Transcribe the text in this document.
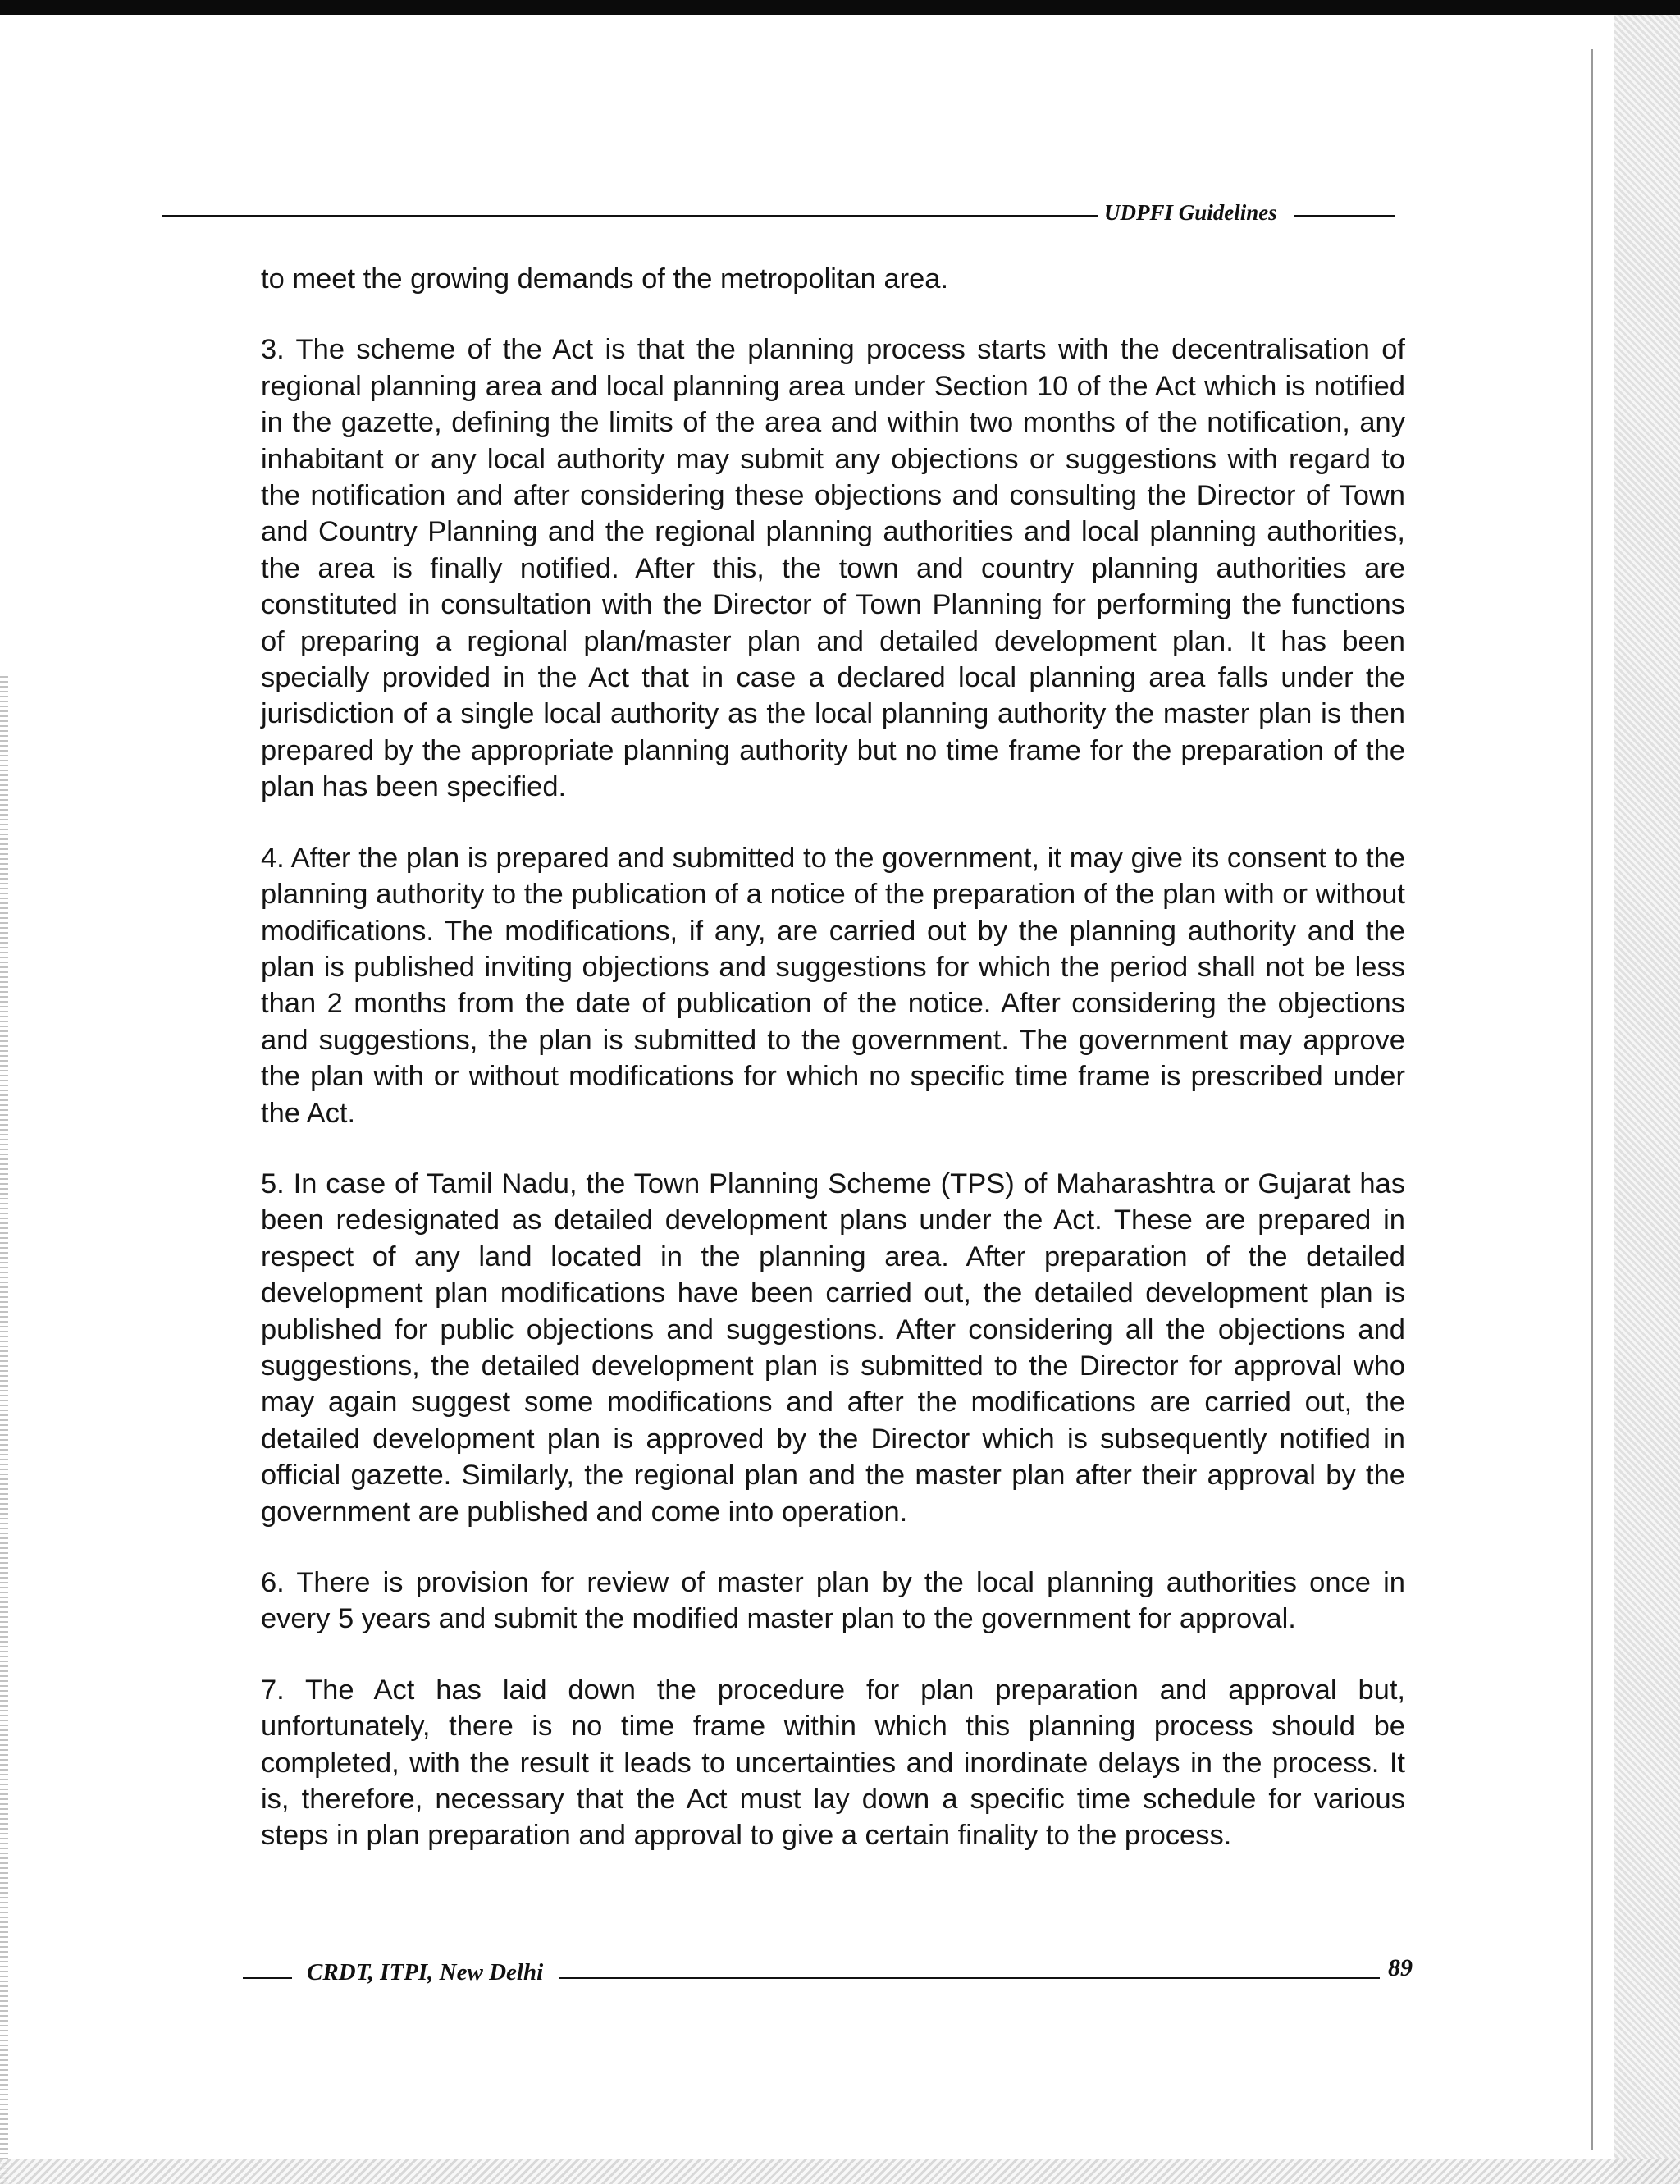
UDPFI Guidelines

to meet the growing demands of the metropolitan area.

3. The scheme of the Act is that the planning process starts with the decentralisation of regional planning area and local planning area under Section 10 of the Act which is notified in the gazette, defining the limits of the area and within two months of the notification, any inhabitant or any local authority may submit any objections or suggestions with regard to the notification and after considering these objections and consulting the Director of Town and Country Planning and the regional planning authorities and local planning authorities, the area is finally notified. After this, the town and country planning authorities are constituted in consultation with the Director of Town Planning for performing the functions of preparing a regional plan/master plan and detailed development plan. It has been specially provided in the Act that in case a declared local planning area falls under the jurisdiction of a single local authority as the local planning authority the master plan is then prepared by the appropriate planning authority but no time frame for the preparation of the plan has been specified.

4. After the plan is prepared and submitted to the government, it may give its consent to the planning authority to the publication of a notice of the preparation of the plan with or without modifications. The modifications, if any, are carried out by the planning authority and the plan is published inviting objections and suggestions for which the period shall not be less than 2 months from the date of publication of the notice. After considering the objections and suggestions, the plan is submitted to the government. The government may approve the plan with or without modifications for which no specific time frame is prescribed under the Act.

5. In case of Tamil Nadu, the Town Planning Scheme (TPS) of Maharashtra or Gujarat has been redesignated as detailed development plans under the Act. These are prepared in respect of any land located in the planning area. After preparation of the detailed development plan modifications have been carried out, the detailed development plan is published for public objections and suggestions. After considering all the objections and suggestions, the detailed development plan is submitted to the Director for approval who may again suggest some modifications and after the modifications are carried out, the detailed development plan is approved by the Director which is subsequently notified in official gazette. Similarly, the regional plan and the master plan after their approval by the government are published and come into operation.

6. There is provision for review of master plan by the local planning authorities once in every 5 years and submit the modified master plan to the government for approval.

7. The Act has laid down the procedure for plan preparation and approval but, unfortunately, there is no time frame within which this planning process should be completed, with the result it leads to uncertainties and inordinate delays in the process. It is, therefore, necessary that the Act must lay down a specific time schedule for various steps in plan preparation and approval to give a certain finality to the process.

CRDT, ITPI, New Delhi	89
